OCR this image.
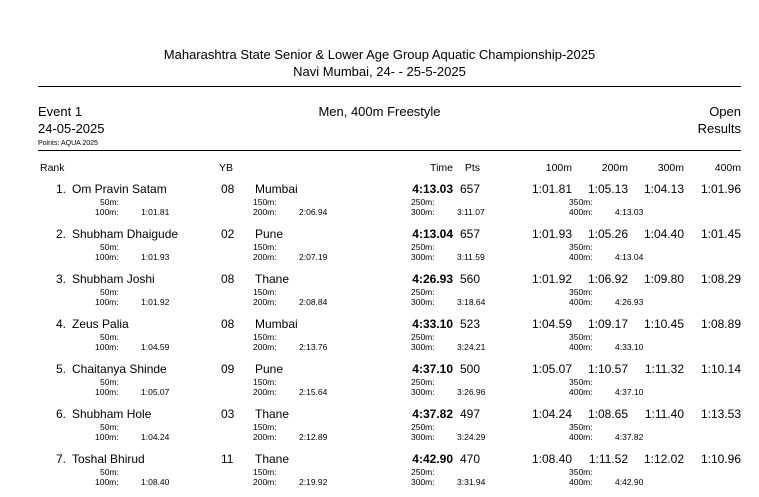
Maharashtra State Senior & Lower Age Group Aquatic Championship-2025
Navi Mumbai, 24- - 25-5-2025
Event 1
24-05-2025
Points: AQUA 2025
Men, 400m Freestyle	Open
Results
Rank	YB	Time Pts	100m	200m	300m	400m
1. Om Pravin Satam	08 Mumbai	4:13.03 657	1:01.81 1:05.13 1:04.13 1:01.96
50m:
100m:	1:01.81
150m:
200m:	2:06.94
250m:
300m:	3:11.07
350m:
400m:	4:13.03
2. Shubham Dhaigude	02 Pune	4:13.04 657	1:01.93 1:05.26 1:04.40 1:01.45
50m:
100m:	1:01.93
150m:
200m:	2:07.19
250m:
300m:	3:11.59
350m:
400m:	4:13.04
3. Shubham Joshi	08 Thane	4:26.93 560	1:01.92 1:06.92 1:09.80 1:08.29
50m:
100m:	1:01.92
150m:
200m:	2:08.84
250m:
300m:	3:18.64
350m:
400m:	4:26.93
4. Zeus Palia	08 Mumbai	4:33.10 523	1:04.59 1:09.17 1:10.45 1:08.89
50m:
100m:	1:04.59
150m:
200m:	2:13.76
250m:
300m:	3:24.21
350m:
400m:	4:33.10
5. Chaitanya Shinde	09 Pune	4:37.10 500	1:05.07 1:10.57 1:11.32 1:10.14
50m:
100m:	1:05.07
150m:
200m:	2:15.64
250m:
300m:	3:26.96
350m:
400m:	4:37.10
6. Shubham Hole	03 Thane	4:37.82 497	1:04.24 1:08.65 1:11.40 1:13.53
50m:
100m:	1:04.24
150m:
200m:	2:12.89
250m:
300m:	3:24.29
350m:
400m:	4:37.82
7. Toshal Bhirud	11 Thane	4:42.90 470	1:08.40 1:11.52 1:12.02 1:10.96
50m:
100m:	1:08.40
150m:
200m:	2:19.92
250m:
300m:	3:31.94
350m:
400m:	4:42.90
